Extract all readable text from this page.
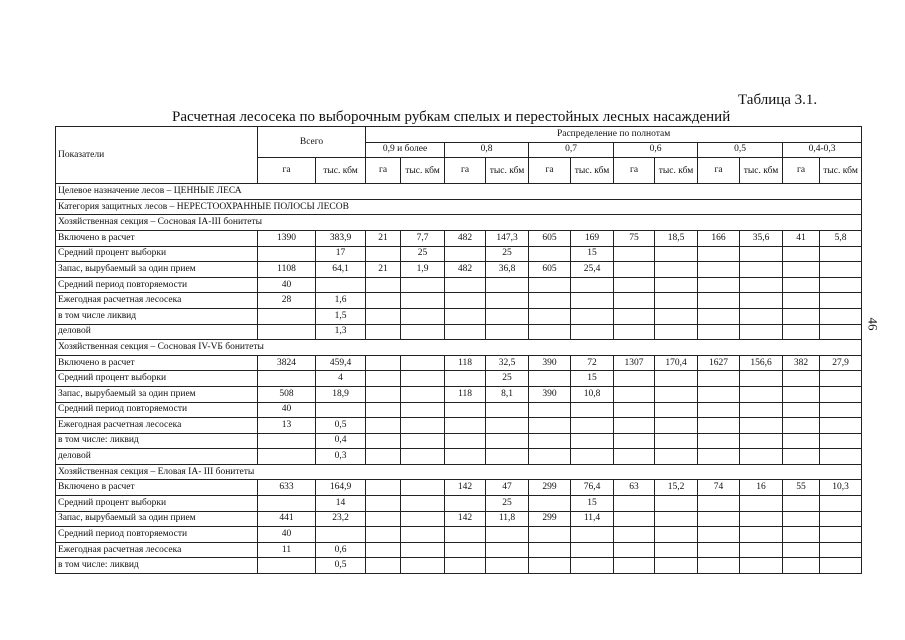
Таблица 3.1.
Расчетная лесосека по выборочным рубкам спелых и перестойных лесных насаждений
46
Показатели	Всего		Распределение по полнотам											
			0,9 и более		0,8		0,7		0,6		0,5		0,4-0,3	
	га	тыс. кбм	га	тыс. кбм	га	тыс. кбм	га	тыс. кбм	га	тыс. кбм	га	тыс. кбм	га	тыс. кбм
Целевое назначение лесов – ЦЕННЫЕ ЛЕСА														
Категория защитных лесов – НЕРЕСТООХРАННЫЕ ПОЛОСЫ ЛЕСОВ														
Хозяйственная секция – Сосновая IA-III бонитеты														
Включено в расчет	1390	383,9	21	7,7	482	147,3	605	169	75	18,5	166	35,6	41	5,8
Средний процент выборки		17		25		25		15						
Запас, вырубаемый за один прием	1108	64,1	21	1,9	482	36,8	605	25,4						
Средний период повторяемости	40													
Ежегодная расчетная лесосека	28	1,6												
в том числе ликвид		1,5												
деловой		1,3												
Хозяйственная секция – Сосновая IV-VБ бонитеты														
Включено в расчет	3824	459,4			118	32,5	390	72	1307	170,4	1627	156,6	382	27,9
Средний процент выборки		4				25		15						
Запас, вырубаемый за один прием	508	18,9			118	8,1	390	10,8						
Средний период повторяемости	40													
Ежегодная расчетная лесосека	13	0,5												
в том числе: ликвид		0,4												
деловой		0,3												
Хозяйственная секция – Еловая IA- III бонитеты														
Включено в расчет	633	164,9			142	47	299	76,4	63	15,2	74	16	55	10,3
Средний процент выборки		14				25		15						
Запас, вырубаемый за один прием	441	23,2			142	11,8	299	11,4						
Средний период повторяемости	40													
Ежегодная расчетная лесосека	11	0,6												
в том числе: ликвид		0,5												
